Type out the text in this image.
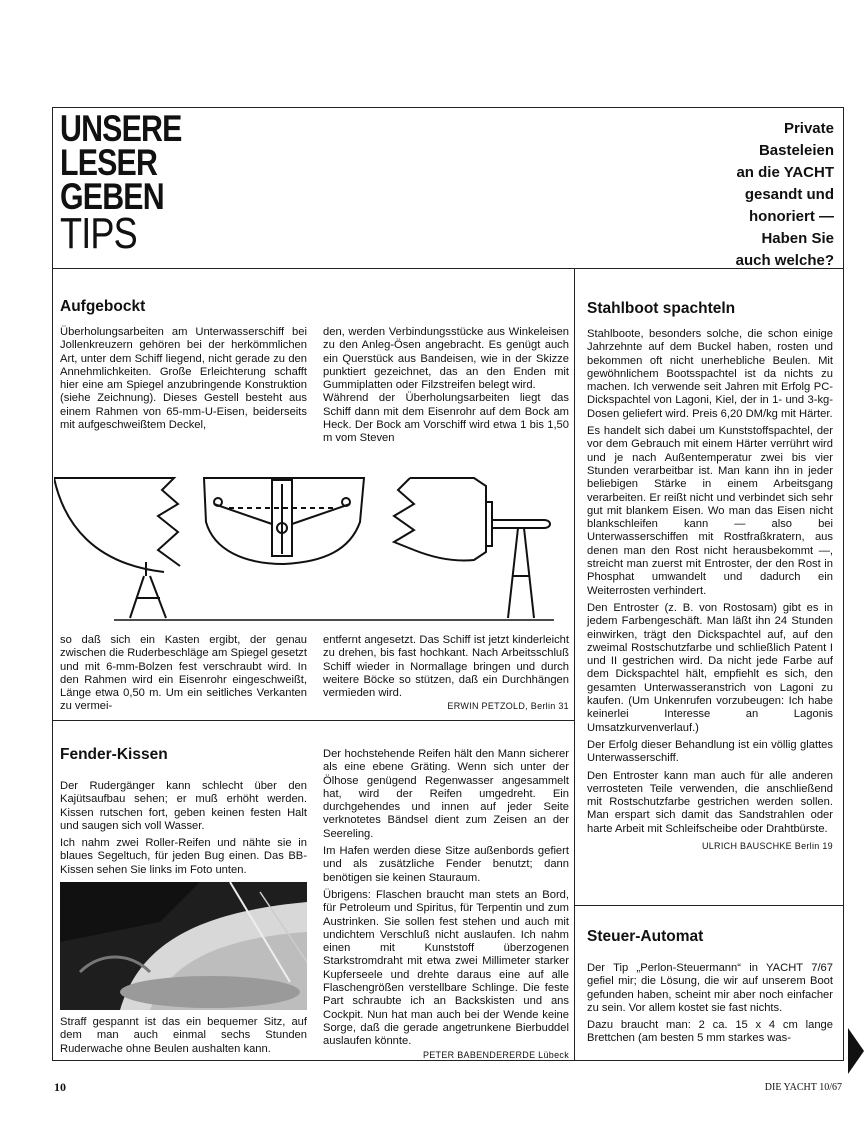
UNSERE
LESER
GEBEN
TIPS
Private
Basteleien
an die YACHT
gesandt und
honoriert —
Haben Sie
auch welche?
Aufgebockt

Überholungsarbeiten am Unterwasserschiff bei Jollenkreuzern gehören bei der herkömmlichen Art, unter dem Schiff liegend, nicht gerade zu den Annehmlichkeiten. Große Erleichterung schafft hier eine am Spiegel anzubringende Konstruktion (siehe Zeichnung). Dieses Gestell besteht aus einem Rahmen von 65-mm-U-Eisen, beiderseits mit aufgeschweißtem Deckel,

den, werden Verbindungsstücke aus Winkeleisen zu den Anleg-Ösen angebracht. Es genügt auch ein Querstück aus Bandeisen, wie in der Skizze punktiert gezeichnet, das an den Enden mit Gummiplatten oder Filzstreifen belegt wird.

Während der Überholungsarbeiten liegt das Schiff dann mit dem Eisenrohr auf dem Bock am Heck. Der Bock am Vorschiff wird etwa 1 bis 1,50 m vom Steven

so daß sich ein Kasten ergibt, der genau zwischen die Ruderbeschläge am Spiegel gesetzt und mit 6-mm-Bolzen fest verschraubt wird. In den Rahmen wird ein Eisenrohr eingeschweißt, Länge etwa 0,50 m. Um ein seitliches Verkanten zu vermei-

entfernt angesetzt. Das Schiff ist jetzt kinderleicht zu drehen, bis fast hochkant. Nach Arbeitsschluß Schiff wieder in Normallage bringen und durch weitere Böcke so stützen, daß ein Durchhängen vermieden wird.

ERWIN PETZOLD, Berlin 31
Fender-Kissen

Der Rudergänger kann schlecht über den Kajütsaufbau sehen; er muß erhöht werden. Kissen rutschen fort, geben keinen festen Halt und saugen sich voll Wasser.

Ich nahm zwei Roller-Reifen und nähte sie in blaues Segeltuch, für jeden Bug einen. Das BB-Kissen sehen Sie links im Foto unten.

Straff gespannt ist das ein bequemer Sitz, auf dem man auch einmal sechs Stunden Ruderwache ohne Beulen aushalten kann.

Der hochstehende Reifen hält den Mann sicherer als eine ebene Gräting. Wenn sich unter der Ölhose genügend Regenwasser angesammelt hat, wird der Reifen umgedreht. Ein durchgehendes und innen auf jeder Seite verknotetes Bändsel dient zum Zeisen an der Seereling.

Im Hafen werden diese Sitze außenbords gefiert und als zusätzliche Fender benutzt; dann benötigen sie keinen Stauraum.

Übrigens: Flaschen braucht man stets an Bord, für Petroleum und Spiritus, für Terpentin und zum Austrinken. Sie sollen fest stehen und auch mit undichtem Verschluß nicht auslaufen. Ich nahm einen mit Kunststoff überzogenen Starkstromdraht mit etwa zwei Millimeter starker Kupferseele und drehte daraus eine auf alle Flaschengrößen verstellbare Schlinge. Die feste Part schraubte ich an Backskisten und ans Cockpit. Nun hat man auch bei der Wende keine Sorge, daß die gerade angetrunkene Bierbuddel auslaufen könnte.

PETER BABENDERERDE Lübeck
Stahlboot spachteln

Stahlboote, besonders solche, die schon einige Jahrzehnte auf dem Buckel haben, rosten und bekommen oft nicht unerhebliche Beulen. Mit gewöhnlichem Bootsspachtel ist da nichts zu machen. Ich verwende seit Jahren mit Erfolg PC-Dickspachtel von Lagoni, Kiel, der in 1- und 3-kg-Dosen geliefert wird. Preis 6,20 DM/kg mit Härter.

Es handelt sich dabei um Kunststoffspachtel, der vor dem Gebrauch mit einem Härter verrührt wird und je nach Außentemperatur zwei bis vier Stunden verarbeitbar ist. Man kann ihn in jeder beliebigen Stärke in einem Arbeitsgang verarbeiten. Er reißt nicht und verbindet sich sehr gut mit blankem Eisen. Wo man das Eisen nicht blankschleifen kann — also bei Unterwasserschiffen mit Rostfraßkratern, aus denen man den Rost nicht herausbekommt —, streicht man zuerst mit Entroster, der den Rost in Phosphat umwandelt und dadurch ein Weiterrosten verhindert.

Den Entroster (z. B. von Rostosam) gibt es in jedem Farbengeschäft. Man läßt ihn 24 Stunden einwirken, trägt den Dickspachtel auf, auf den zweimal Rostschutzfarbe und schließlich Patent I und II gestrichen wird. Da nicht jede Farbe auf dem Dickspachtel hält, empfiehlt es sich, den gesamten Unterwasseranstrich von Lagoni zu kaufen. (Um Unkenrufen vorzubeugen: Ich habe keinerlei Interesse an Lagonis Umsatzkurvenverlauf.)

Der Erfolg dieser Behandlung ist ein völlig glattes Unterwasserschiff.

Den Entroster kann man auch für alle anderen verrosteten Teile verwenden, die anschließend mit Rostschutzfarbe gestrichen werden sollen. Man erspart sich damit das Sandstrahlen oder harte Arbeit mit Schleifscheibe oder Drahtbürste.

ULRICH BAUSCHKE Berlin 19
Steuer-Automat

Der Tip „Perlon-Steuermann“ in YACHT 7/67 gefiel mir; die Lösung, die wir auf unserem Boot gefunden haben, scheint mir aber noch einfacher zu sein. Vor allem kostet sie fast nichts.

Dazu braucht man: 2 ca. 15 x 4 cm lange Brettchen (am besten 5 mm starkes was-

10	DIE YACHT 10/67
